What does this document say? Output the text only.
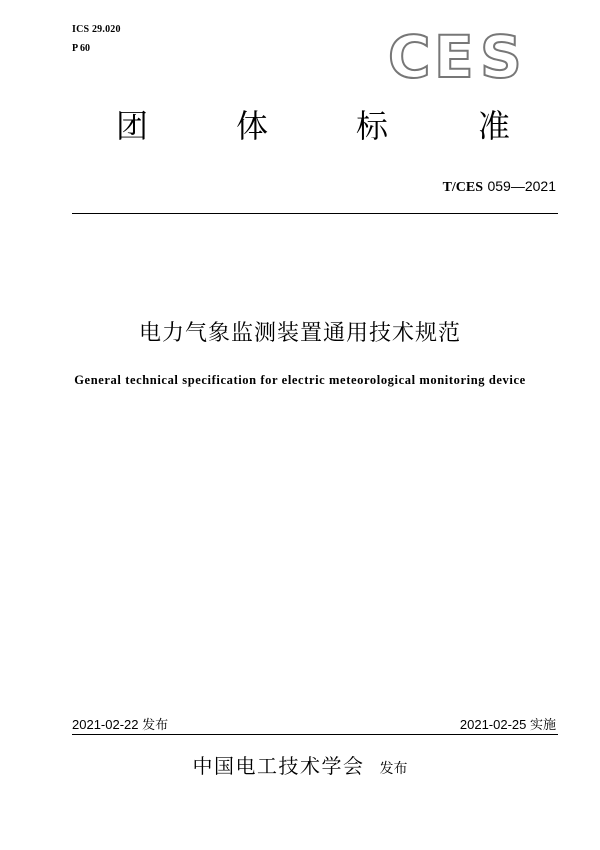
ICS 29.020
P 60	C E S
团	体	标	准
T/CES 059—2021
电力气象监测装置通用技术规范
General technical specification for electric meteorological monitoring device
2021-02-22 发布	2021-02-25 实施
中国电工技术学会 发布
